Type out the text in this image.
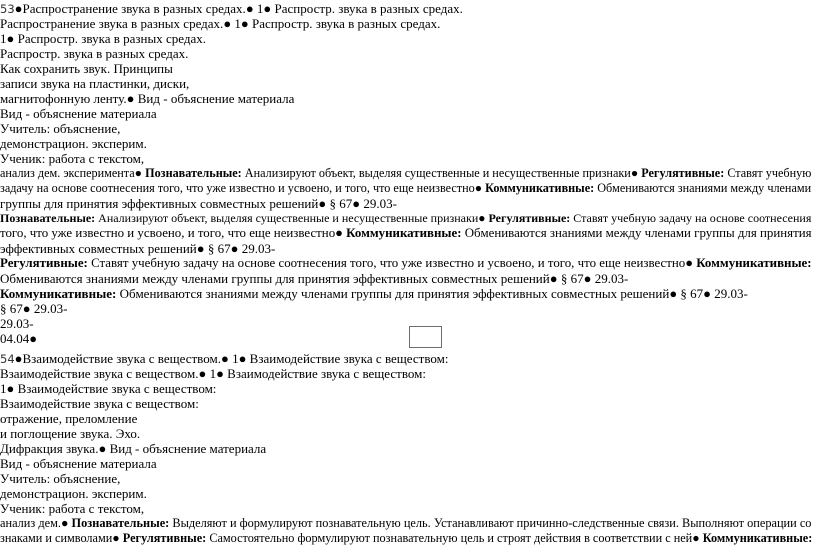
53●Распространение звука в разных средах.● 1● Распростр. звука в разных средах.
Распространение звука в разных средах.● 1● Распростр. звука в разных средах.
1● Распростр. звука в разных средах.
Распростр. звука в разных средах.
Как сохранить звук. Принципы
записи звука на пластинки, диски,
магнитофонную ленту.● Вид - объяснение материала
Вид - объяснение материала
Учитель: объяснение,
демонстрацион. эксперим.
Ученик: работа с текстом,
анализ дем. эксперимента● Познавательные: Анализируют объект, выделяя существенные и несущественные признаки● Регулятивные: Ставят учебную
задачу на основе соотнесения того, что уже известно и усвоено, и того, что еще неизвестно● Коммуникативные: Обмениваются знаниями между членами
группы для принятия эффективных совместных решений● § 67● 29.03-
Познавательные: Анализируют объект, выделяя существенные и несущественные признаки● Регулятивные: Ставят учебную задачу на основе соотнесения
того, что уже известно и усвоено, и того, что еще неизвестно● Коммуникативные: Обмениваются знаниями между членами группы для принятия
эффективных совместных решений● § 67● 29.03-
Регулятивные: Ставят учебную задачу на основе соотнесения того, что уже известно и усвоено, и того, что еще неизвестно● Коммуникативные:
Обмениваются знаниями между членами группы для принятия эффективных совместных решений● § 67● 29.03-
Коммуникативные: Обмениваются знаниями между членами группы для принятия эффективных совместных решений● § 67● 29.03-
§ 67● 29.03-
29.03-
04.04●
54●Взаимодействие звука с веществом.● 1● Взаимодействие звука с веществом:
Взаимодействие звука с веществом.● 1● Взаимодействие звука с веществом:
1● Взаимодействие звука с веществом:
Взаимодействие звука с веществом:
отражение, преломление
и поглощение звука. Эхо.
Дифракция звука.● Вид - объяснение материала
Вид - объяснение материала
Учитель: объяснение,
демонстрацион. эксперим.
Ученик: работа с текстом,
анализ дем.● Познавательные: Выделяют и формулируют познавательную цель. Устанавливают причинно-следственные связи. Выполняют операции со
знаками и символами● Регулятивные: Самостоятельно формулируют познавательную цель и строят действия в соответствии с ней● Коммуникативные:
